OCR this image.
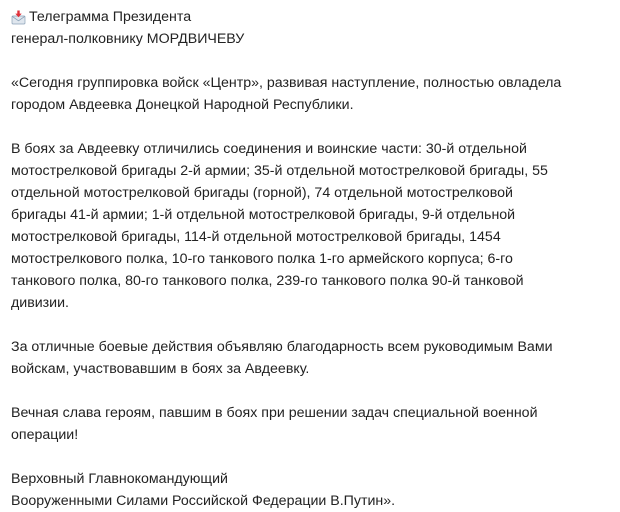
Телеграмма Президента
генерал-полковнику МОРДВИЧЕВУ
«Сегодня группировка войск «Центр», развивая наступление, полностью овладела
городом Авдеевка Донецкой Народной Республики.
В боях за Авдеевку отличились соединения и воинские части: 30-й отдельной
мотострелковой бригады 2-й армии; 35-й отдельной мотострелковой бригады, 55
отдельной мотострелковой бригады (горной), 74 отдельной мотострелковой
бригады 41-й армии; 1-й отдельной мотострелковой бригады, 9-й отдельной
мотострелковой бригады, 114-й отдельной мотострелковой бригады, 1454
мотострелкового полка, 10-го танкового полка 1-го армейского корпуса; 6-го
танкового полка, 80-го танкового полка, 239-го танкового полка 90-й танковой
дивизии.
За отличные боевые действия объявляю благодарность всем руководимым Вами
войскам, участвовавшим в боях за Авдеевку.
Вечная слава героям, павшим в боях при решении задач специальной военной
операции!
Верховный Главнокомандующий
Вооруженными Силами Российской Федерации В.Путин».
